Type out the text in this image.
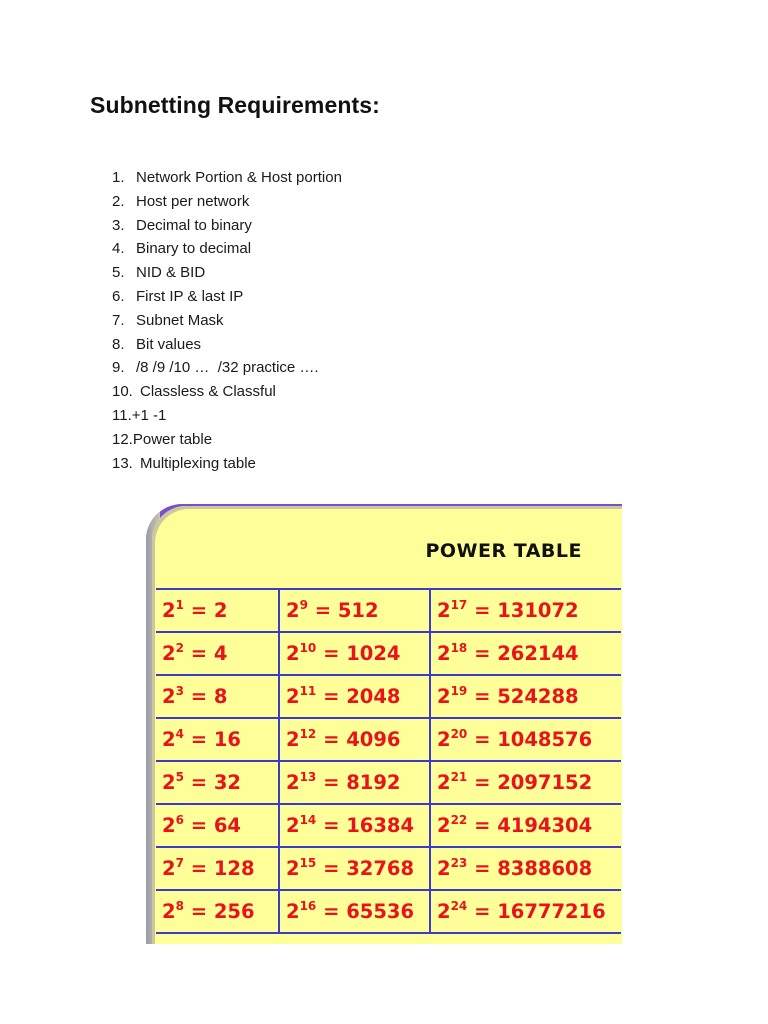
Subnetting Requirements:
1. Network Portion & Host portion
2. Host per network
3. Decimal to binary
4. Binary to decimal
5. NID & BID
6. First IP & last IP
7. Subnet Mask
8. Bit values
9. /8 /9 /10 …  /32 practice ….
10. Classless & Classful
11. +1 -1
12. Power table
13. Multiplexing table
POWER TABLE
$2^1 = 2$	$2^9 = 512$	$2^{17} = 131072$
$2^2 = 4$	$2^{10} = 1024$	$2^{18} = 262144$
$2^3 = 8$	$2^{11} = 2048$	$2^{19} = 524288$
$2^4 = 16$	$2^{12} = 4096$	$2^{20} = 1048576$
$2^5 = 32$	$2^{13} = 8192$	$2^{21} = 2097152$
$2^6 = 64$	$2^{14} = 16384$	$2^{22} = 4194304$
$2^7 = 128$	$2^{15} = 32768$	$2^{23} = 8388608$
$2^8 = 256$	$2^{16} = 65536$	$2^{24} = 16777216$
